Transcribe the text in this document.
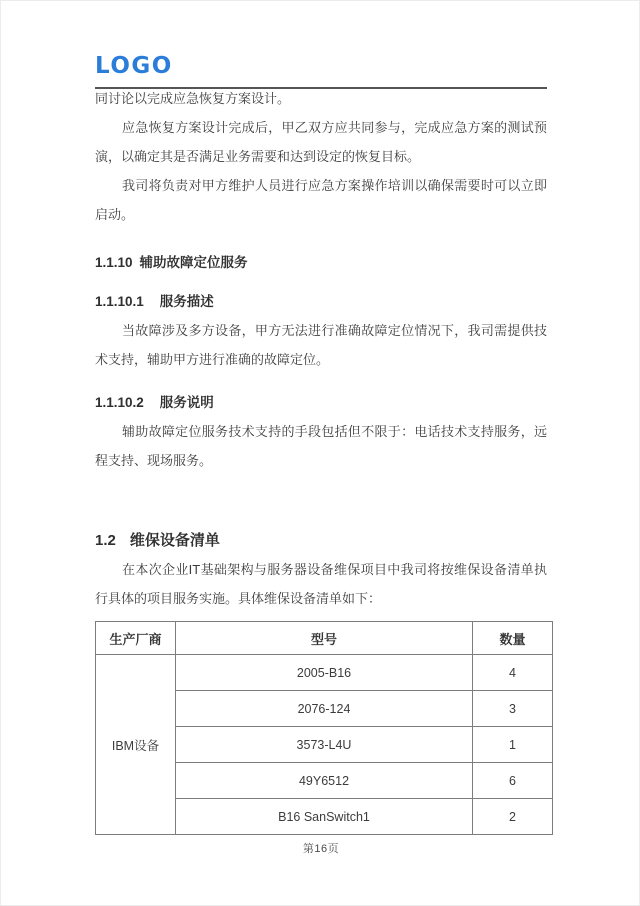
LOGO

同讨论以完成应急恢复方案设计。

应急恢复方案设计完成后，甲乙双方应共同参与，完成应急方案的测试预演，以确定其是否满足业务需要和达到设定的恢复目标。

我司将负责对甲方维护人员进行应急方案操作培训以确保需要时可以立即启动。

1.1.10 辅助故障定位服务
1.1.10.1 服务描述

当故障涉及多方设备，甲方无法进行准确故障定位情况下，我司需提供技术支持，辅助甲方进行准确的故障定位。

1.1.10.2 服务说明

辅助故障定位服务技术支持的手段包括但不限于：电话技术支持服务，远程支持、现场服务。

1.2 维保设备清单

在本次企业IT基础架构与服务器设备维保项目中我司将按维保设备清单执行具体的项目服务实施。具体维保设备清单如下：

生产厂商	型号	数量
IBM设备	2005-B16	4
	2076-124	3
	3573-L4U	1
	49Y6512	6
	B16 SanSwitch1	2
第16页
